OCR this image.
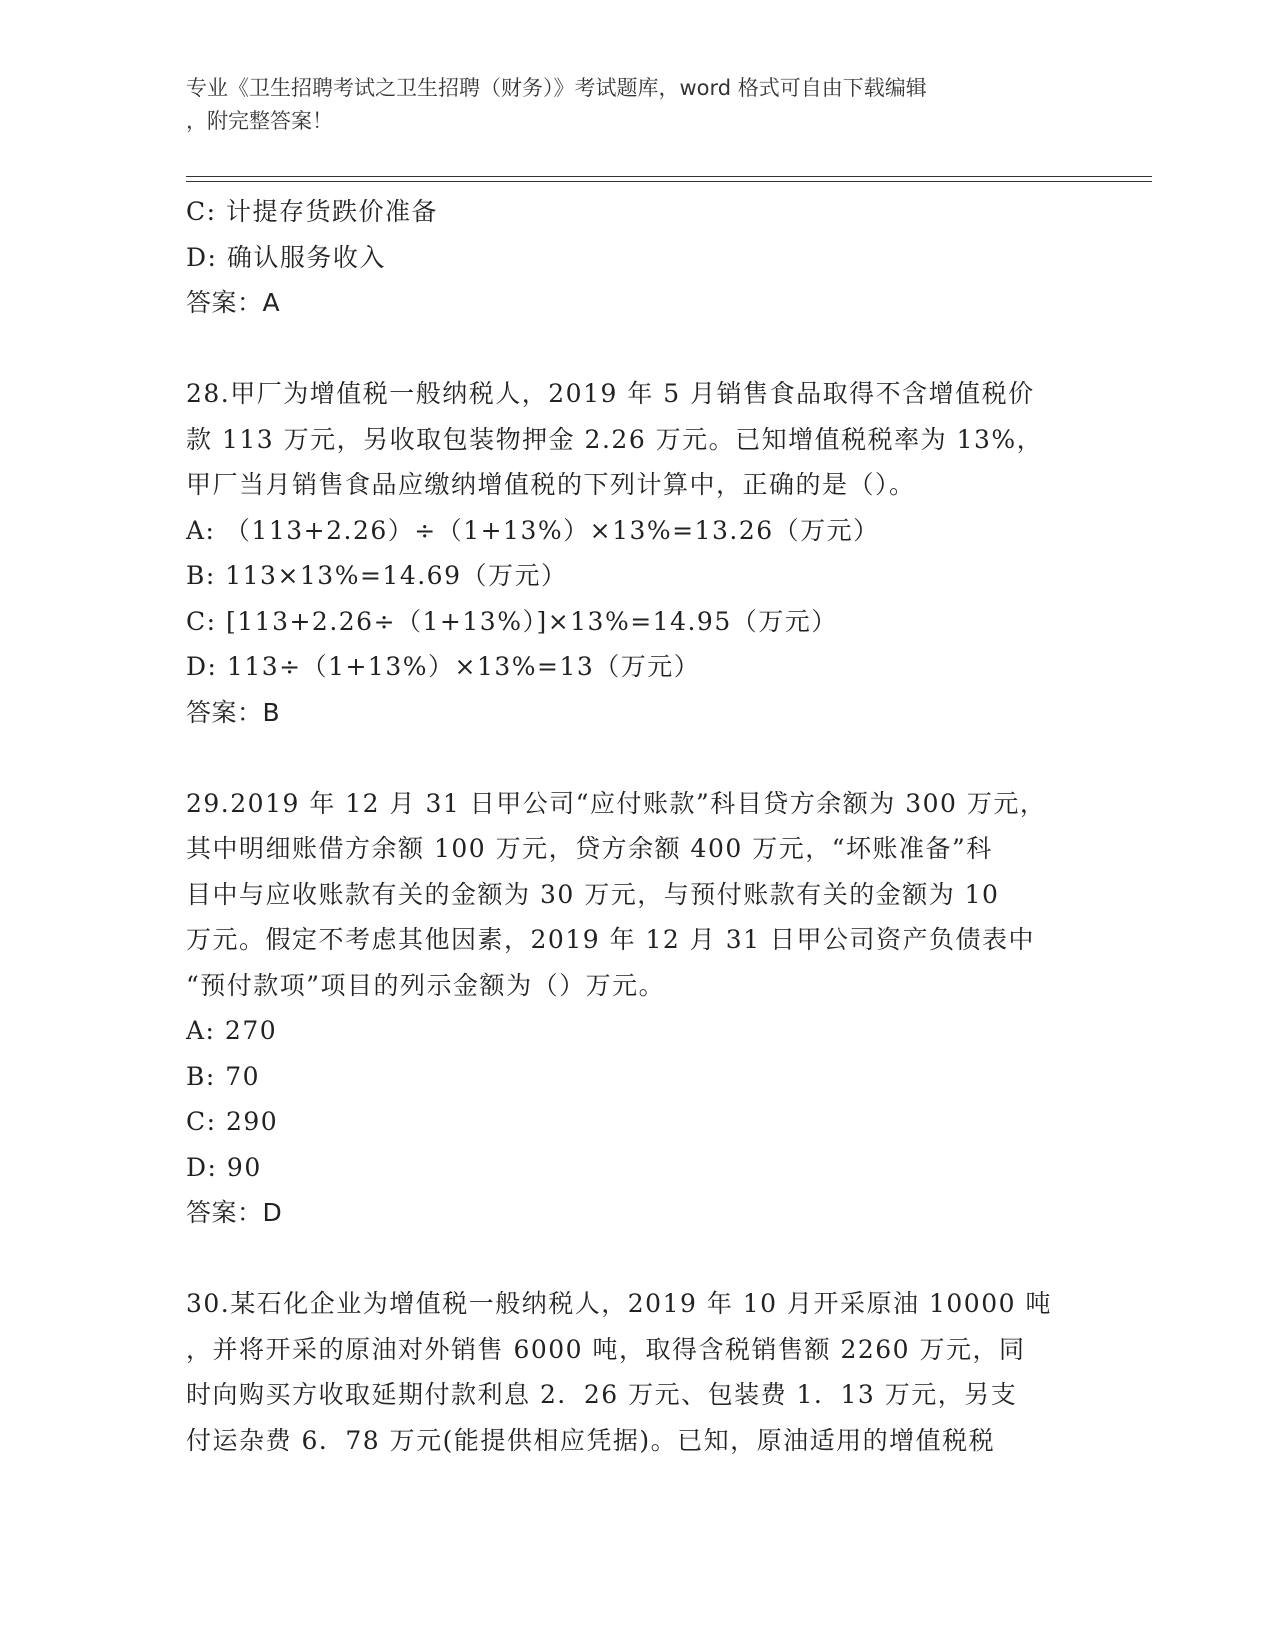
专业《卫生招聘考试之卫生招聘（财务）》考试题库，word 格式可自由下载编辑
，附完整答案！
C: 计提存货跌价准备
D: 确认服务收入
答案：A
28.甲厂为增值税一般纳税人，2019 年 5 月销售食品取得不含增值税价
款 113 万元，另收取包装物押金 2.26 万元。已知增值税税率为 13%，
甲厂当月销售食品应缴纳增值税的下列计算中，正确的是（）。
A: （113+2.26）÷（1+13%）×13%=13.26（万元）
B: 113×13%=14.69（万元）
C: [113+2.26÷（1+13%）]×13%=14.95（万元）
D: 113÷（1+13%）×13%=13（万元）
答案：B
29.2019 年 12 月 31 日甲公司“应付账款”科目贷方余额为 300 万元，
其中明细账借方余额 100 万元，贷方余额 400 万元，“坏账准备”科
目中与应收账款有关的金额为 30 万元，与预付账款有关的金额为 10
万元。假定不考虑其他因素，2019 年 12 月 31 日甲公司资产负债表中
“预付款项”项目的列示金额为（）万元。
A: 270
B: 70
C: 290
D: 90
答案：D
30.某石化企业为增值税一般纳税人，2019 年 10 月开采原油 10000 吨
，并将开采的原油对外销售 6000 吨，取得含税销售额 2260 万元，同
时向购买方收取延期付款利息 2．26 万元、包装费 1．13 万元，另支
付运杂费 6．78 万元(能提供相应凭据)。已知，原油适用的增值税税
